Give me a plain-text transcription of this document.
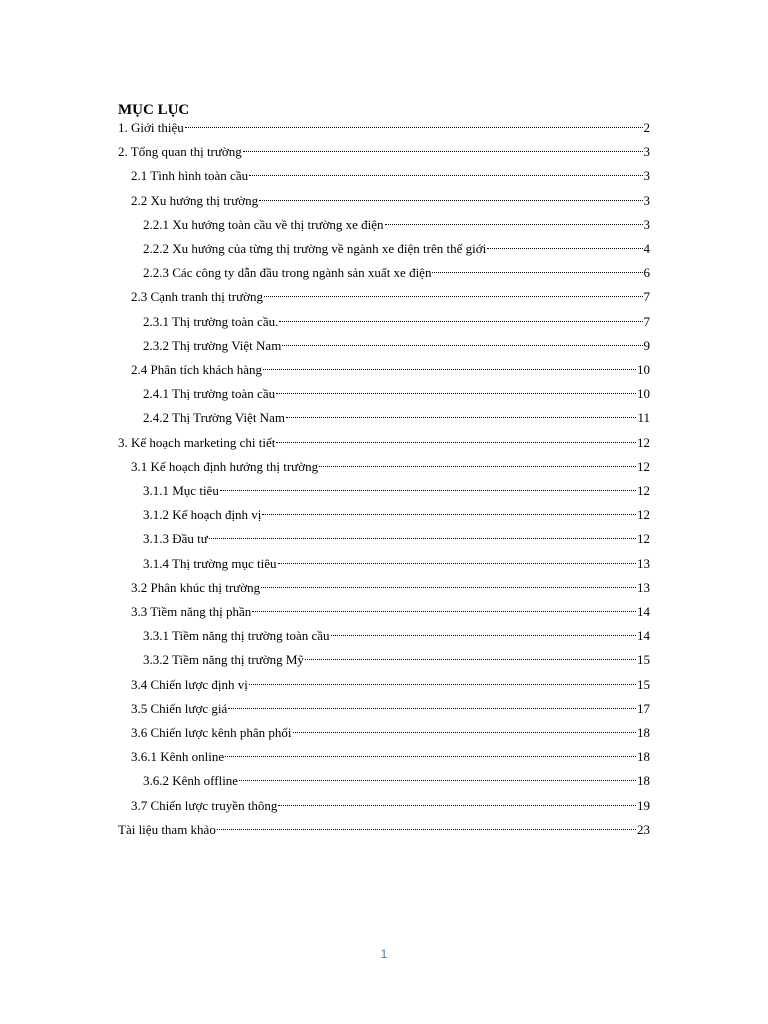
MỤC LỤC
1. Giới thiệu	2
2. Tổng quan thị trường	3
2.1 Tình hình toàn cầu	3
2.2 Xu hướng thị trường	3
2.2.1 Xu hướng toàn cầu về thị trường xe điện	3
2.2.2 Xu hướng của từng thị trường về ngành xe điện trên thế giới	4
2.2.3 Các công ty dẫn đầu trong ngành sản xuất xe điện	6
2.3 Cạnh tranh thị trường	7
2.3.1 Thị trường toàn cầu.	7
2.3.2 Thị trường Việt Nam	9
2.4 Phân tích khách hàng	10
2.4.1 Thị trường toàn cầu	10
2.4.2 Thị Trường Việt Nam	11
3. Kế hoạch marketing chi tiết	12
3.1 Kế hoạch định hướng thị trường	12
3.1.1 Mục tiêu	12
3.1.2 Kế hoạch định vị	12
3.1.3 Đầu tư	12
3.1.4 Thị trường mục tiêu	13
3.2 Phân khúc thị trường	13
3.3 Tiềm năng thị phần	14
3.3.1 Tiềm năng thị trường toàn cầu	14
3.3.2 Tiềm năng thị trường Mỹ	15
3.4 Chiến lược định vị	15
3.5 Chiến lược giá	17
3.6 Chiến lược kênh phân phối	18
3.6.1 Kênh online	18
3.6.2 Kênh offline	18
3.7 Chiến lược truyền thông	19
Tài liệu tham khảo	23
1
